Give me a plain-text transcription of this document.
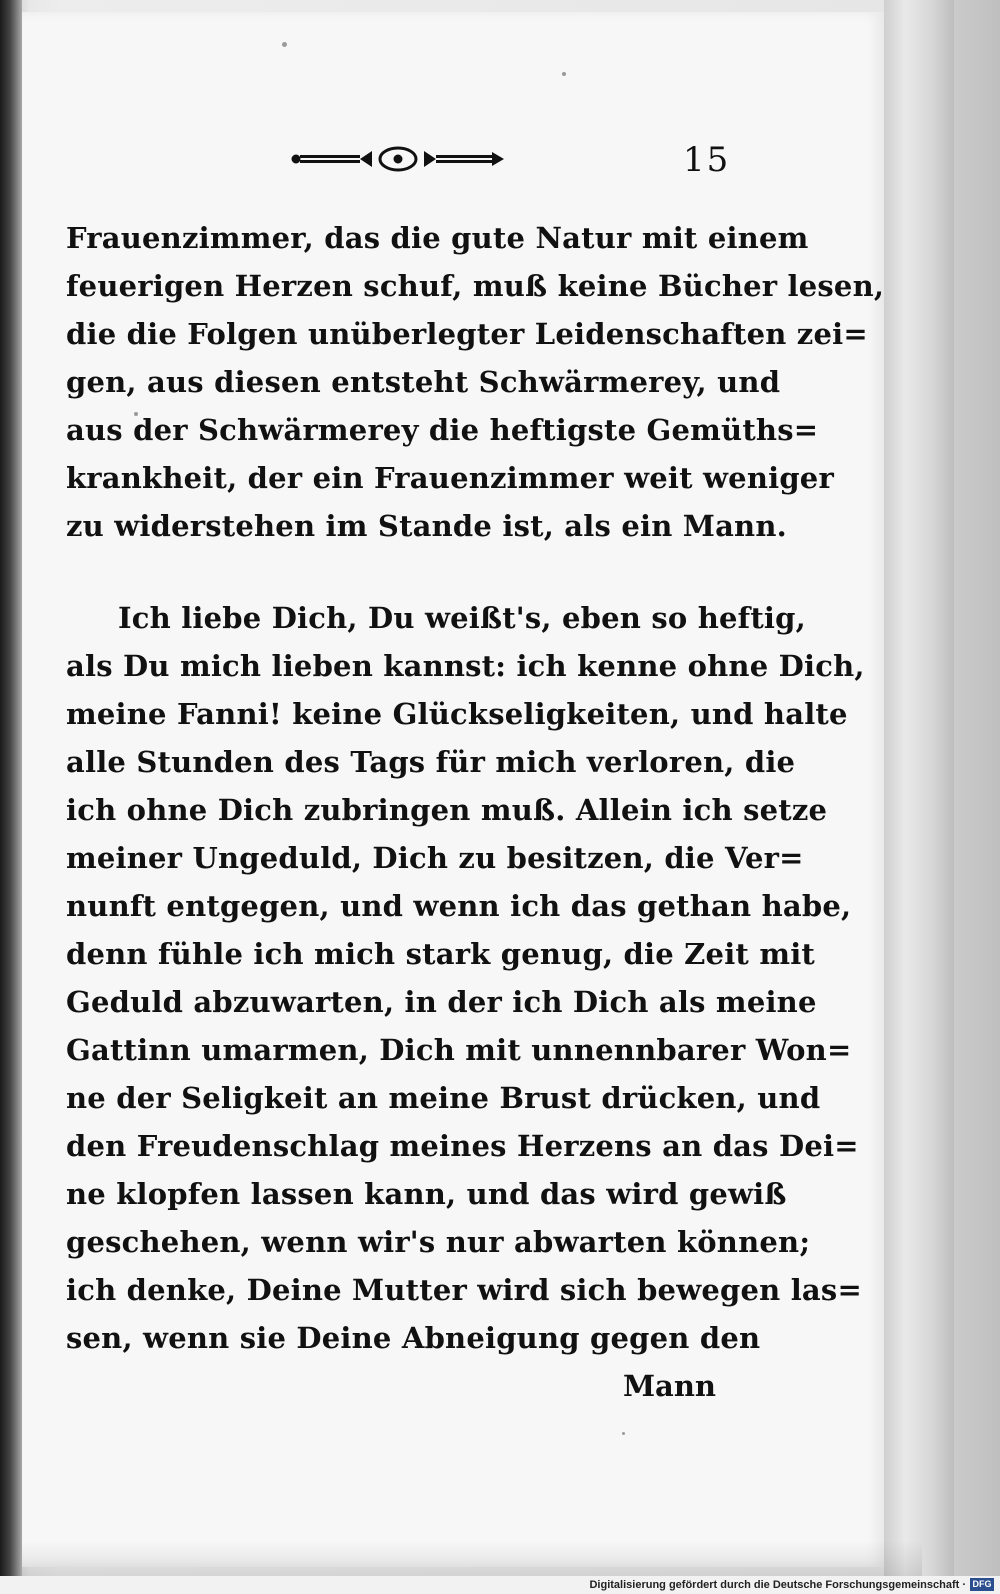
15
Frauenzimmer, das die gute Natur mit einem
feuerigen Herzen schuf, muß keine Bücher lesen,
die die Folgen unüberlegter Leidenschaften zei=
gen, aus diesen entsteht Schwärmerey, und
aus der Schwärmerey die heftigste Gemüths=
krankheit, der ein Frauenzimmer weit weniger
zu widerstehen im Stande ist, als ein Mann.
Ich liebe Dich, Du weißt's, eben so heftig,
als Du mich lieben kannst: ich kenne ohne Dich,
meine Fanni! keine Glückseligkeiten, und halte
alle Stunden des Tags für mich verloren, die
ich ohne Dich zubringen muß. Allein ich setze
meiner Ungeduld, Dich zu besitzen, die Ver=
nunft entgegen, und wenn ich das gethan habe,
denn fühle ich mich stark genug, die Zeit mit
Geduld abzuwarten, in der ich Dich als meine
Gattinn umarmen, Dich mit unnennbarer Won=
ne der Seligkeit an meine Brust drücken, und
den Freudenschlag meines Herzens an das Dei=
ne klopfen lassen kann, und das wird gewiß
geschehen, wenn wir's nur abwarten können;
ich denke, Deine Mutter wird sich bewegen las=
sen, wenn sie Deine Abneigung gegen den
Mann
Digitalisierung gefördert durch die Deutsche Forschungsgemeinschaft · DFG
